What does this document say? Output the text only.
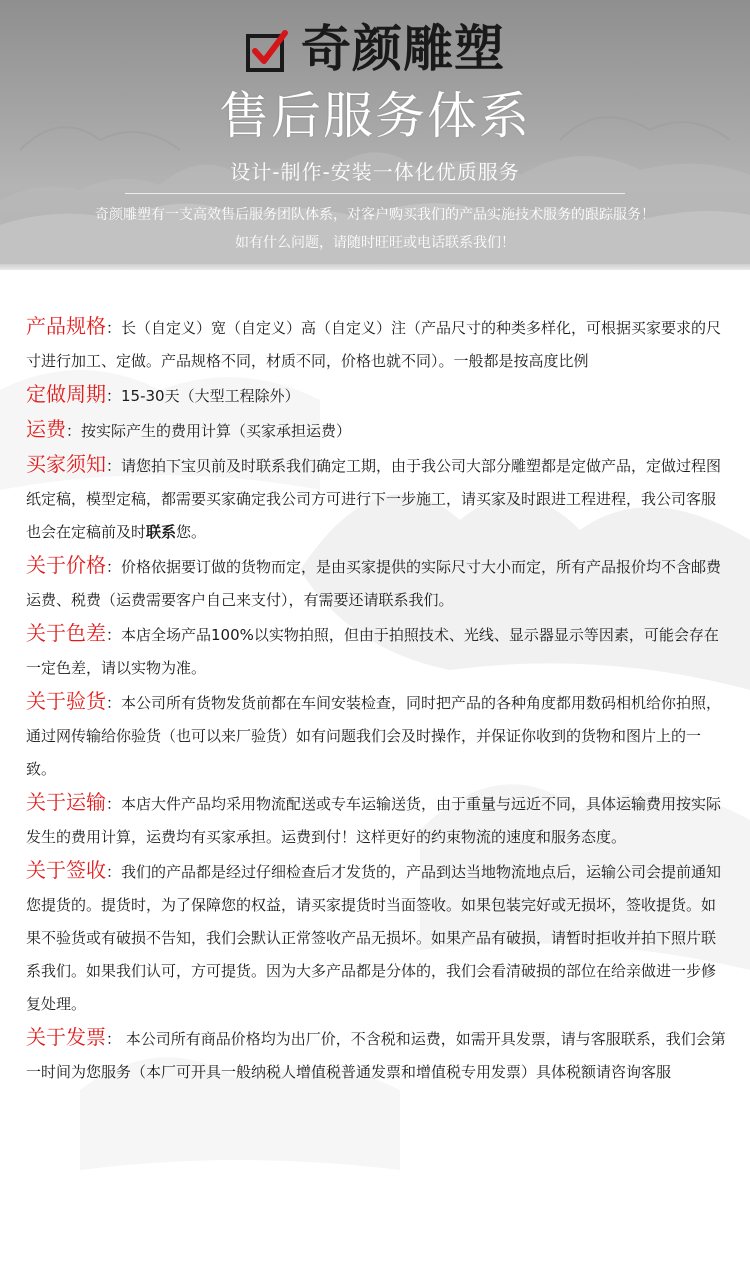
奇颜雕塑
售后服务体系
设计-制作-安装一体化优质服务
奇颜雕塑有一支高效售后服务团队体系，对客户购买我们的产品实施技术服务的跟踪服务！
如有什么问题，请随时旺旺或电话联系我们！
产品规格：长（自定义）宽（自定义）高（自定义）注（产品尺寸的种类多样化，可根据买家要求的尺寸进行加工、定做。产品规格不同，材质不同，价格也就不同）。一般都是按高度比例
定做周期：15-30天（大型工程除外）
运费：按实际产生的费用计算（买家承担运费）
买家须知：请您拍下宝贝前及时联系我们确定工期，由于我公司大部分雕塑都是定做产品，定做过程图纸定稿，模型定稿，都需要买家确定我公司方可进行下一步施工，请买家及时跟进工程进程，我公司客服也会在定稿前及时联系您。
关于价格：价格依据要订做的货物而定，是由买家提供的实际尺寸大小而定，所有产品报价均不含邮费运费、税费（运费需要客户自己来支付），有需要还请联系我们。
关于色差：本店全场产品100%以实物拍照，但由于拍照技术、光线、显示器显示等因素，可能会存在一定色差，请以实物为准。
关于验货：本公司所有货物发货前都在车间安装检查，同时把产品的各种角度都用数码相机给你拍照，通过网传输给你验货（也可以来厂验货）如有问题我们会及时操作，并保证你收到的货物和图片上的一致。
关于运输：本店大件产品均采用物流配送或专车运输送货，由于重量与远近不同，具体运输费用按实际发生的费用计算，运费均有买家承担。运费到付！这样更好的约束物流的速度和服务态度。
关于签收：我们的产品都是经过仔细检查后才发货的，产品到达当地物流地点后，运输公司会提前通知您提货的。提货时，为了保障您的权益，请买家提货时当面签收。如果包装完好或无损坏，签收提货。如果不验货或有破损不告知，我们会默认正常签收产品无损坏。如果产品有破损，请暂时拒收并拍下照片联系我们。如果我们认可，方可提货。因为大多产品都是分体的，我们会看清破损的部位在给亲做进一步修复处理。
关于发票： 本公司所有商品价格均为出厂价，不含税和运费，如需开具发票，请与客服联系，我们会第一时间为您服务（本厂可开具一般纳税人增值税普通发票和增值税专用发票）具体税额请咨询客服
